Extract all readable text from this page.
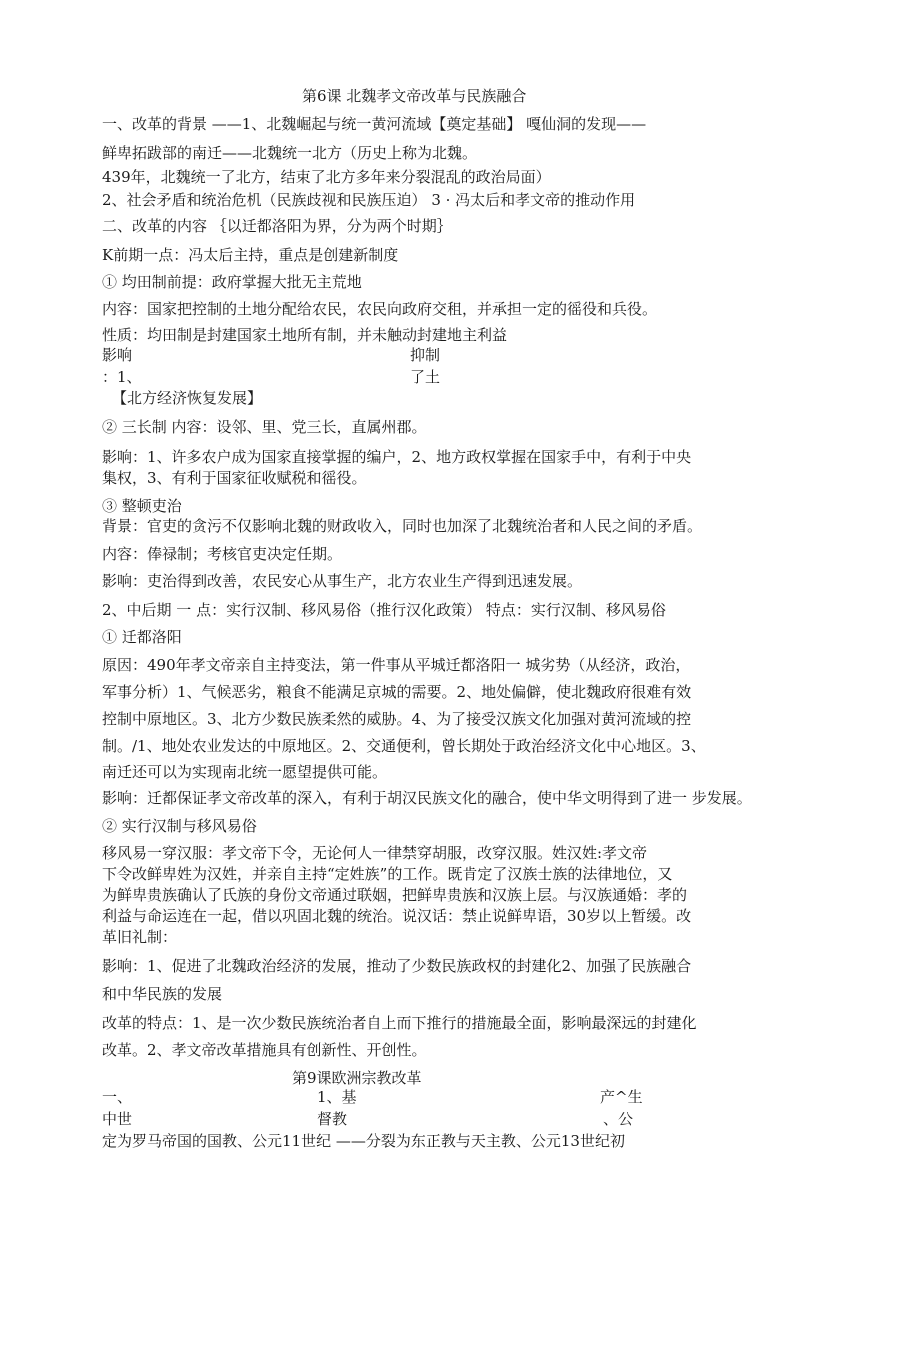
第6课 北魏孝文帝改革与民族融合
一、改革的背景 ——1、北魏崛起与统一黄河流域【奠定基础】 嘎仙洞的发现——
鲜卑拓跋部的南迁——北魏统一北方（历史上称为北魏。
439年，北魏统一了北方，结束了北方多年来分裂混乱的政治局面）
2、社会矛盾和统治危机（民族歧视和民族压迫） 3 · 冯太后和孝文帝的推动作用
二、改革的内容 ｛以迁都洛阳为界，分为两个时期｝
K前期一点：冯太后主持，重点是创建新制度
① 均田制前提：政府掌握大批无主荒地
内容：国家把控制的土地分配给农民，农民向政府交租，并承担一定的徭役和兵役。
性质：均田制是封建国家土地所有制，并未触动封建地主利益
影响	抑制
：1、	了土
【北方经济恢复发展】
② 三长制 内容：设邻、里、党三长，直属州郡。
影响：1、许多农户成为国家直接掌握的编户，2、地方政权掌握在国家手中，有利于中央
集权，3、有利于国家征收赋税和徭役。
③ 整顿吏治
背景：官吏的贪污不仅影响北魏的财政收入，同时也加深了北魏统治者和人民之间的矛盾。
内容：俸禄制；考核官吏决定任期。
影响：吏治得到改善，农民安心从事生产，北方农业生产得到迅速发展。
2、中后期 一 点：实行汉制、移风易俗（推行汉化政策） 特点：实行汉制、移风易俗
① 迁都洛阳
原因：490年孝文帝亲自主持变法，第一件事从平城迁都洛阳一 城劣势（从经济，政治，
军事分析）1、气候恶劣，粮食不能满足京城的需要。2、地处偏僻，使北魏政府很难有效
控制中原地区。3、北方少数民族柔然的威胁。4、为了接受汉族文化加强对黄河流域的控
制。/1、地处农业发达的中原地区。2、交通便利，曾长期处于政治经济文化中心地区。3、
南迁还可以为实现南北统一愿望提供可能。
影响：迁都保证孝文帝改革的深入，有利于胡汉民族文化的融合，使中华文明得到了进一 步发展。
② 实行汉制与移风易俗
移风易一穿汉服：孝文帝下令，无论何人一律禁穿胡服，改穿汉服。姓汉姓:孝文帝
下令改鲜卑姓为汉姓，并亲自主持“定姓族”的工作。既肯定了汉族士族的法律地位，又
为鲜卑贵族确认了氏族的身份文帝通过联姻，把鲜卑贵族和汉族上层。与汉族通婚：孝的
利益与命运连在一起，借以巩固北魏的统治。说汉话：禁止说鲜卑语，30岁以上暂缓。改
革旧礼制：
影响：1、促进了北魏政治经济的发展，推动了少数民族政权的封建化2、加强了民族融合
和中华民族的发展
改革的特点：1、是一次少数民族统治者自上而下推行的措施最全面，影响最深远的封建化
改革。2、孝文帝改革措施具有创新性、开创性。
第9课欧洲宗教改革
一、	1、基	产^生
中世	督教	、公
定为罗马帝国的国教、公元11世纪 ——分裂为东正教与天主教、公元13世纪初
